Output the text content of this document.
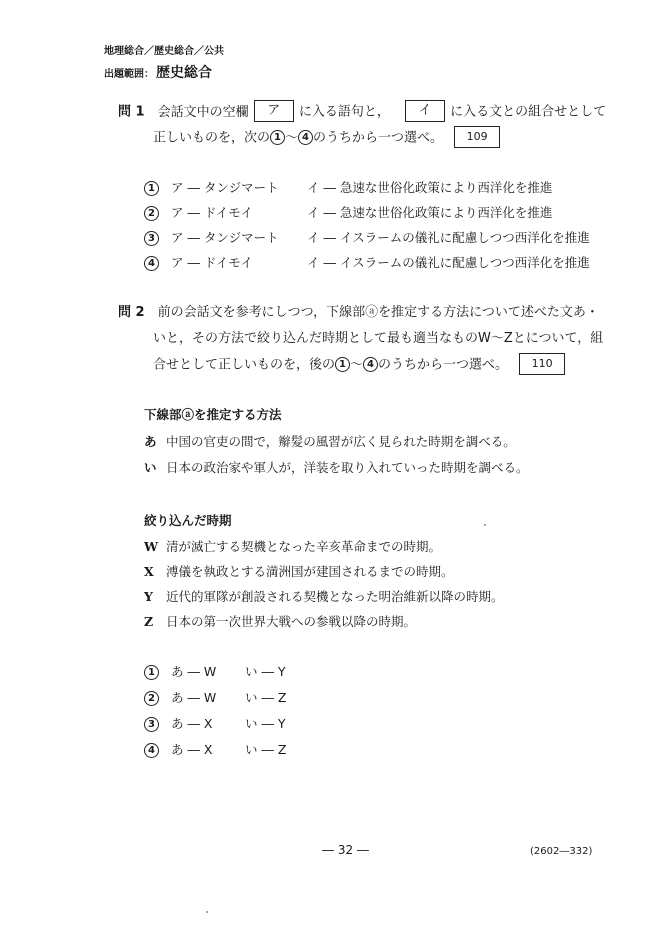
地理総合／歴史総合／公共
出題範囲： 歴史総合
問 1 会話文中の空欄 ア に入る語句と， イ に入る文との組合せとして
正しいものを，次の 1 ～ 4 のうちから一つ選べ。 109
1 ア ― タンジマート イ ― 急速な世俗化政策により西洋化を推進
2 ア ― ドイモイ	イ ― 急速な世俗化政策により西洋化を推進
3 ア ― タンジマート イ ― イスラームの儀礼に配慮しつつ西洋化を推進
4 ア ― ドイモイ	イ ― イスラームの儀礼に配慮しつつ西洋化を推進
問 2 前の会話文を参考にしつつ，下線部ⓐを推定する方法について述べた文あ・
いと，その方法で絞り込んだ時期として最も適当なものW～Zとについて，組
合せとして正しいものを，後の 1 ～ 4 のうちから一つ選べ。 110
下線部ⓐを推定する方法
あ 中国の官吏の間で，辮髪の風習が広く見られた時期を調べる。
い 日本の政治家や軍人が，洋装を取り入れていった時期を調べる。
絞り込んだ時期
W 清が滅亡する契機となった辛亥革命までの時期。
X 溥儀を執政とする満洲国が建国されるまでの時期。
Y 近代的軍隊が創設される契機となった明治維新以降の時期。
Z 日本の第一次世界大戦への参戦以降の時期。
1 あ ― W い ― Y
2 あ ― W い ― Z
3 あ ― X	い ― Y
4 あ ― X	い ― Z
― 32 ―	(2602―332)
